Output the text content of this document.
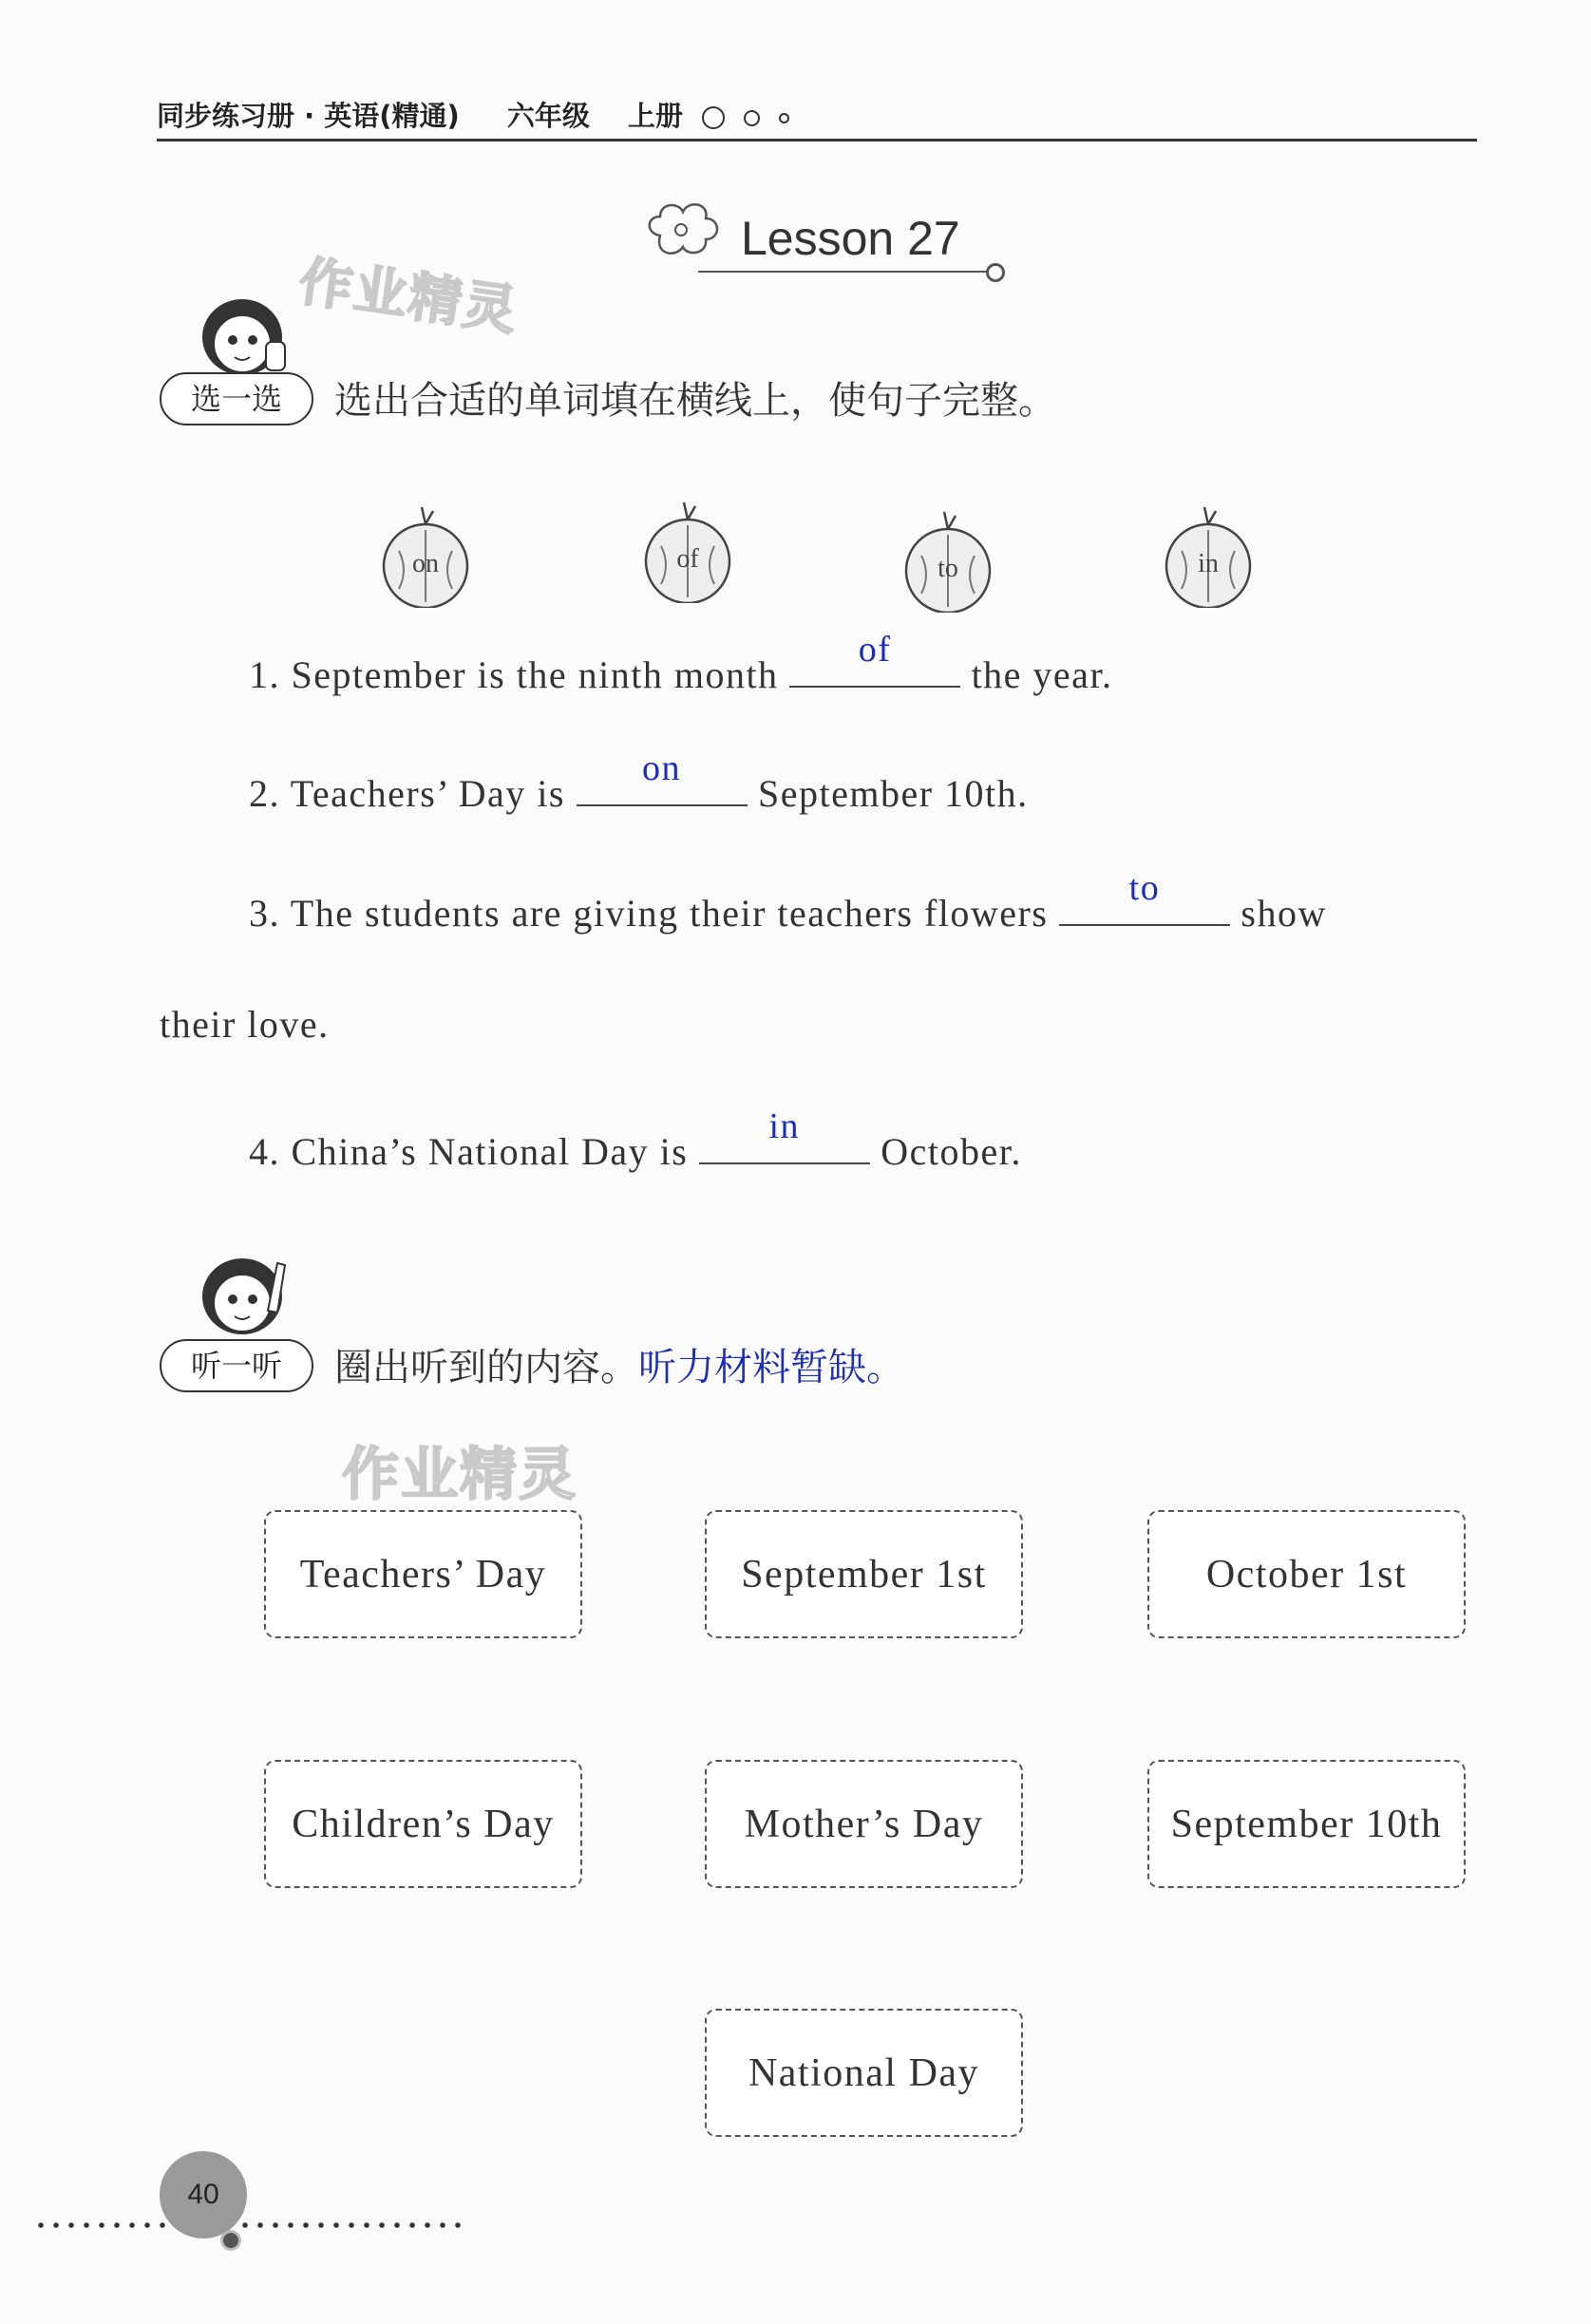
同步练习册 · 英语(精通) 六年级 上册
Lesson 27
作业精灵
选一选	选出合适的单词填在横线上，使句子完整。
on	of	to	in
1. September is the ninth month
of
the year.
2. Teachers’ Day is
on
September 10th.
3. The students are giving their teachers flowers
to
show
their love.
4. China’s National Day is
in
October.
听一听	圈出听到的内容。听力材料暂缺。
作业精灵
Teachers’ Day	September 1st	October 1st
Children’s Day	Mother’s Day	September 10th
National Day
40
